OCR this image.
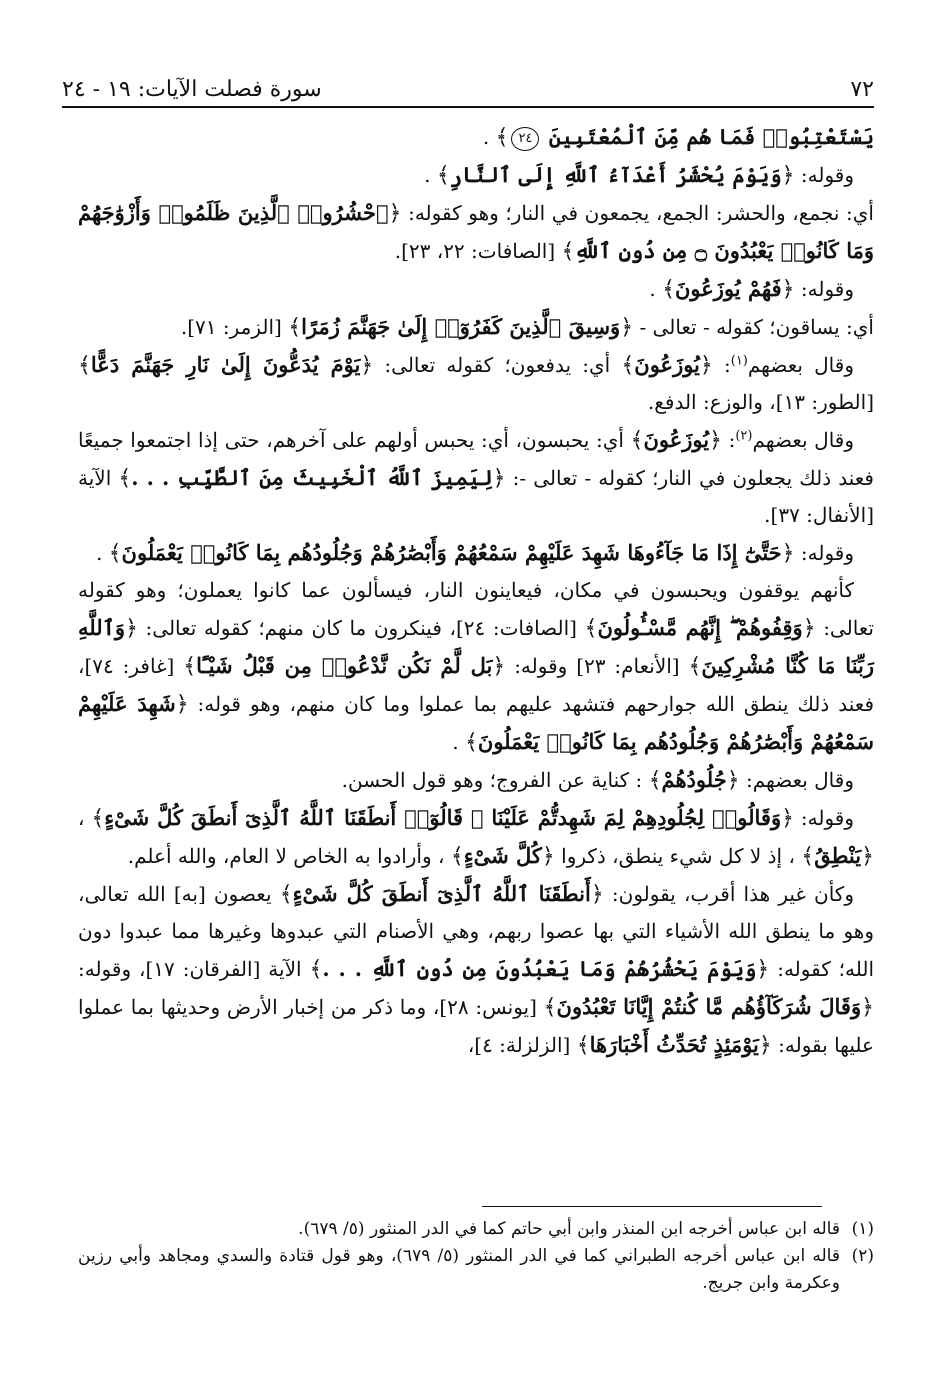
٧٢
سورة فصلت الآيات: ١٩ - ٢٤

يَسْتَعْتِبُوا۟ فَمَا هُم مِّنَ ٱلْمُعْتَبِينَ ٢٤﴾ .

وقوله: ﴿وَيَوْمَ يُحْشَرُ أَعْدَآءُ ٱللَّهِ إِلَى ٱلنَّارِ﴾ .

أي: نجمع، والحشر: الجمع، يجمعون في النار؛ وهو كقوله: ﴿ٱحْشُرُوا۟ ٱلَّذِينَ ظَلَمُوا۟ وَأَزْوَٰجَهُمْ وَمَا كَانُوا۟ يَعْبُدُونَ ۝ مِن دُونِ ٱللَّهِ﴾ [الصافات: ٢٢، ٢٣].

وقوله: ﴿فَهُمْ يُوزَعُونَ﴾ .

أي: يساقون؛ كقوله - تعالى - ﴿وَسِيقَ ٱلَّذِينَ كَفَرُوٓا۟ إِلَىٰ جَهَنَّمَ زُمَرًا﴾ [الزمر: ٧١].

وقال بعضهم$^{(١)}$: ﴿يُوزَعُونَ﴾ أي: يدفعون؛ كقوله تعالى: ﴿يَوْمَ يُدَعُّونَ إِلَىٰ نَارِ جَهَنَّمَ دَعًّا﴾ [الطور: ١٣]، والوزع: الدفع.

وقال بعضهم$^{(٢)}$: ﴿يُوزَعُونَ﴾ أي: يحبسون، أي: يحبس أولهم على آخرهم، حتى إذا اجتمعوا جميعًا فعند ذلك يجعلون في النار؛ كقوله - تعالى -: ﴿لِيَمِيزَ ٱللَّهُ ٱلْخَبِيثَ مِنَ ٱلطَّيِّبِ . . .﴾ الآية [الأنفال: ٣٧].

وقوله: ﴿حَتَّىٰٓ إِذَا مَا جَآءُوهَا شَهِدَ عَلَيْهِمْ سَمْعُهُمْ وَأَبْصَٰرُهُمْ وَجُلُودُهُم بِمَا كَانُوا۟ يَعْمَلُونَ﴾ .

كأنهم يوقفون ويحبسون في مكان، فيعاينون النار، فيسألون عما كانوا يعملون؛ وهو كقوله تعالى: ﴿وَقِفُوهُمْ ۖ إِنَّهُم مَّسْـُٔولُونَ﴾ [الصافات: ٢٤]، فينكرون ما كان منهم؛ كقوله تعالى: ﴿وَٱللَّهِ رَبِّنَا مَا كُنَّا مُشْرِكِينَ﴾ [الأنعام: ٢٣] وقوله: ﴿بَل لَّمْ نَكُن نَّدْعُوا۟ مِن قَبْلُ شَيْـًٔا﴾ [غافر: ٧٤]، فعند ذلك ينطق الله جوارحهم فتشهد عليهم بما عملوا وما كان منهم، وهو قوله: ﴿شَهِدَ عَلَيْهِمْ سَمْعُهُمْ وَأَبْصَٰرُهُمْ وَجُلُودُهُم بِمَا كَانُوا۟ يَعْمَلُونَ﴾ .

وقال بعضهم: ﴿جُلُودُهُمْ﴾ : كناية عن الفروج؛ وهو قول الحسن.

وقوله: ﴿وَقَالُوا۟ لِجُلُودِهِمْ لِمَ شَهِدتُّمْ عَلَيْنَا ۖ قَالُوٓا۟ أَنطَقَنَا ٱللَّهُ ٱلَّذِىٓ أَنطَقَ كُلَّ شَىْءٍ﴾ ، ﴿يَنْطِقُ﴾ ، إذ لا كل شيء ينطق، ذكروا ﴿كُلَّ شَىْءٍ﴾ ، وأرادوا به الخاص لا العام، والله أعلم.

وكأن غير هذا أقرب، يقولون: ﴿أَنطَقَنَا ٱللَّهُ ٱلَّذِىٓ أَنطَقَ كُلَّ شَىْءٍ﴾ يعصون [به] الله تعالى، وهو ما ينطق الله الأشياء التي بها عصوا ربهم، وهي الأصنام التي عبدوها وغيرها مما عبدوا دون الله؛ كقوله: ﴿وَيَوْمَ يَحْشُرُهُمْ وَمَا يَعْبُدُونَ مِن دُونِ ٱللَّهِ . . .﴾ الآية [الفرقان: ١٧]، وقوله: ﴿وَقَالَ شُرَكَآؤُهُم مَّا كُنتُمْ إِيَّانَا تَعْبُدُونَ﴾ [يونس: ٢٨]، وما ذكر من إخبار الأرض وحديثها بما عملوا عليها بقوله: ﴿يَوْمَئِذٍ تُحَدِّثُ أَخْبَارَهَا﴾ [الزلزلة: ٤]،

(١)
قاله ابن عباس أخرجه ابن المنذر وابن أبي حاتم كما في الدر المنثور (٥/ ٦٧٩).

(٢)
قاله ابن عباس أخرجه الطبراني كما في الدر المنثور (٥/ ٦٧٩)، وهو قول قتادة والسدي ومجاهد وأبي رزين وعكرمة وابن جريج.
